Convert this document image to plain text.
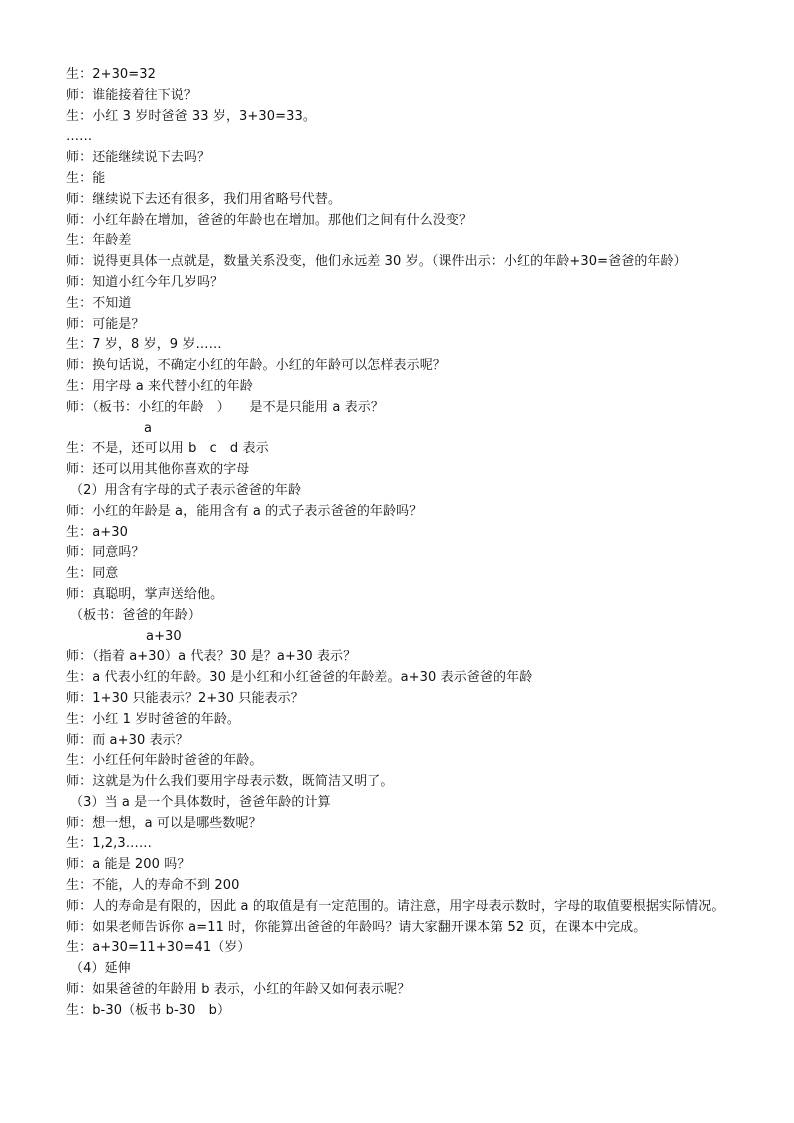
生：2+30=32
师：谁能接着往下说？
生：小红 3 岁时爸爸 33 岁，3+30=33。
……
师：还能继续说下去吗？
生：能
师：继续说下去还有很多，我们用省略号代替。
师：小红年龄在增加，爸爸的年龄也在增加。那他们之间有什么没变？
生：年龄差
师：说得更具体一点就是，数量关系没变，他们永远差 30 岁。（课件出示：小红的年龄+30=爸爸的年龄）
师：知道小红今年几岁吗？
生：不知道
师：可能是？
生：7 岁，8 岁，9 岁……
师：换句话说，不确定小红的年龄。小红的年龄可以怎样表示呢？
生：用字母 a 来代替小红的年龄
师：（板书：小红的年龄　）　　是不是只能用 a 表示？
a
生：不是，还可以用 b　c　d 表示
师：还可以用其他你喜欢的字母
（2）用含有字母的式子表示爸爸的年龄
师：小红的年龄是 a，能用含有 a 的式子表示爸爸的年龄吗？
生：a+30
师：同意吗？
生：同意
师：真聪明，掌声送给他。
（板书：爸爸的年龄）
a+30
师：（指着 a+30）a 代表？30 是？a+30 表示？
生：a 代表小红的年龄。30 是小红和小红爸爸的年龄差。a+30 表示爸爸的年龄
师：1+30 只能表示？2+30 只能表示？
生：小红 1 岁时爸爸的年龄。
师：而 a+30 表示？
生：小红任何年龄时爸爸的年龄。
师：这就是为什么我们要用字母表示数，既简洁又明了。
（3）当 a 是一个具体数时，爸爸年龄的计算
师：想一想，a 可以是哪些数呢？
生：1,2,3……
师：a 能是 200 吗？
生：不能，人的寿命不到 200
师：人的寿命是有限的，因此 a 的取值是有一定范围的。请注意，用字母表示数时，字母的取值要根据实际情况。
师：如果老师告诉你 a=11 时，你能算出爸爸的年龄吗？请大家翻开课本第 52 页，在课本中完成。
生：a+30=11+30=41（岁）
（4）延伸
师：如果爸爸的年龄用 b 表示，小红的年龄又如何表示呢？
生：b-30（板书 b-30　b）
